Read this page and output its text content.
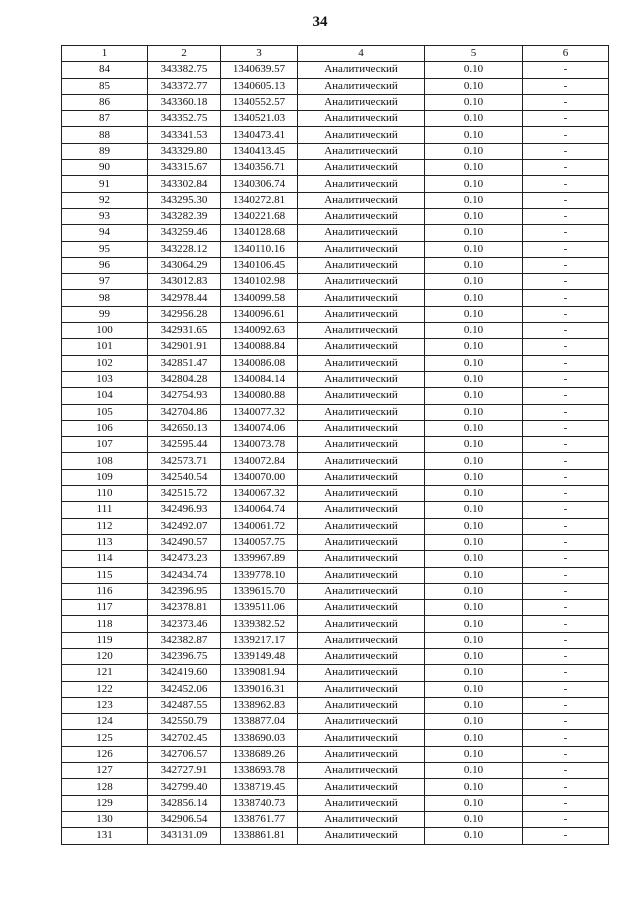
34
1	2	3	4	5	6
84	343382.75	1340639.57	Аналитический	0.10	-
85	343372.77	1340605.13	Аналитический	0.10	-
86	343360.18	1340552.57	Аналитический	0.10	-
87	343352.75	1340521.03	Аналитический	0.10	-
88	343341.53	1340473.41	Аналитический	0.10	-
89	343329.80	1340413.45	Аналитический	0.10	-
90	343315.67	1340356.71	Аналитический	0.10	-
91	343302.84	1340306.74	Аналитический	0.10	-
92	343295.30	1340272.81	Аналитический	0.10	-
93	343282.39	1340221.68	Аналитический	0.10	-
94	343259.46	1340128.68	Аналитический	0.10	-
95	343228.12	1340110.16	Аналитический	0.10	-
96	343064.29	1340106.45	Аналитический	0.10	-
97	343012.83	1340102.98	Аналитический	0.10	-
98	342978.44	1340099.58	Аналитический	0.10	-
99	342956.28	1340096.61	Аналитический	0.10	-
100	342931.65	1340092.63	Аналитический	0.10	-
101	342901.91	1340088.84	Аналитический	0.10	-
102	342851.47	1340086.08	Аналитический	0.10	-
103	342804.28	1340084.14	Аналитический	0.10	-
104	342754.93	1340080.88	Аналитический	0.10	-
105	342704.86	1340077.32	Аналитический	0.10	-
106	342650.13	1340074.06	Аналитический	0.10	-
107	342595.44	1340073.78	Аналитический	0.10	-
108	342573.71	1340072.84	Аналитический	0.10	-
109	342540.54	1340070.00	Аналитический	0.10	-
110	342515.72	1340067.32	Аналитический	0.10	-
111	342496.93	1340064.74	Аналитический	0.10	-
112	342492.07	1340061.72	Аналитический	0.10	-
113	342490.57	1340057.75	Аналитический	0.10	-
114	342473.23	1339967.89	Аналитический	0.10	-
115	342434.74	1339778.10	Аналитический	0.10	-
116	342396.95	1339615.70	Аналитический	0.10	-
117	342378.81	1339511.06	Аналитический	0.10	-
118	342373.46	1339382.52	Аналитический	0.10	-
119	342382.87	1339217.17	Аналитический	0.10	-
120	342396.75	1339149.48	Аналитический	0.10	-
121	342419.60	1339081.94	Аналитический	0.10	-
122	342452.06	1339016.31	Аналитический	0.10	-
123	342487.55	1338962.83	Аналитический	0.10	-
124	342550.79	1338877.04	Аналитический	0.10	-
125	342702.45	1338690.03	Аналитический	0.10	-
126	342706.57	1338689.26	Аналитический	0.10	-
127	342727.91	1338693.78	Аналитический	0.10	-
128	342799.40	1338719.45	Аналитический	0.10	-
129	342856.14	1338740.73	Аналитический	0.10	-
130	342906.54	1338761.77	Аналитический	0.10	-
131	343131.09	1338861.81	Аналитический	0.10	-
